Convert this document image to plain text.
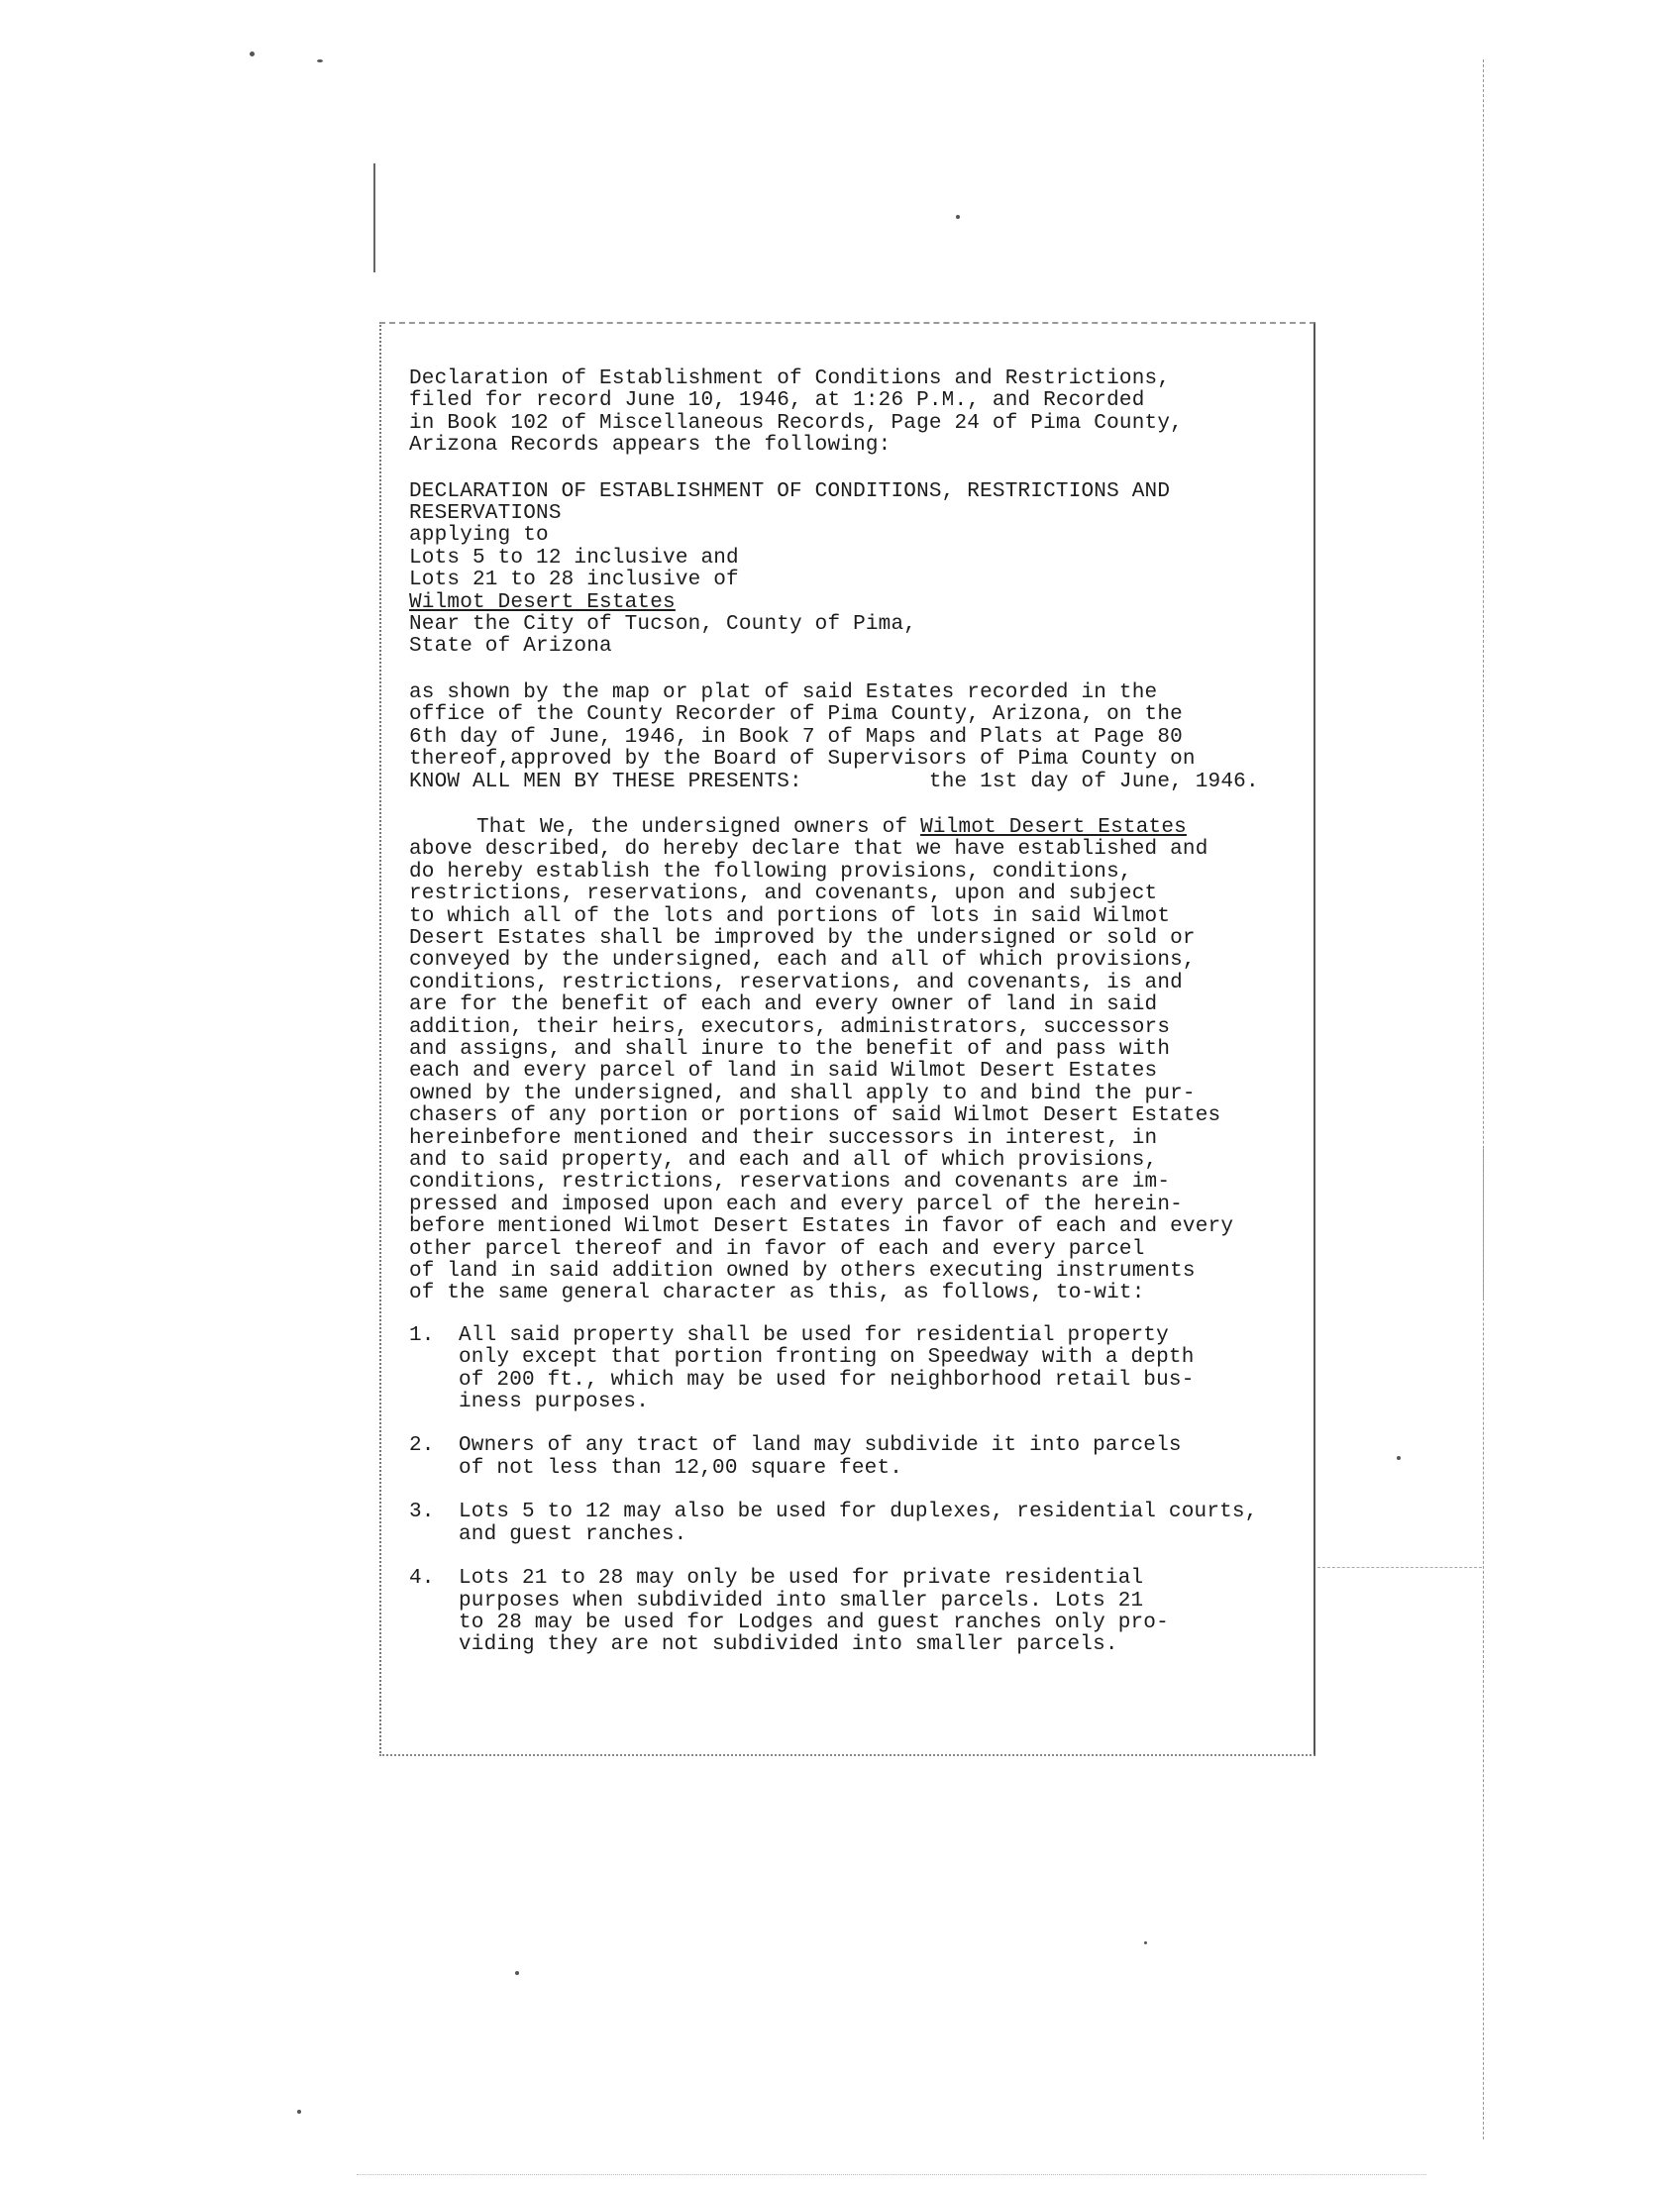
Declaration of Establishment of Conditions and Restrictions,
filed for record June 10, 1946, at 1:26 P.M., and Recorded
in Book 102 of Miscellaneous Records, Page 24 of Pima County,
Arizona Records appears the following:
DECLARATION OF ESTABLISHMENT OF CONDITIONS, RESTRICTIONS AND
RESERVATIONS
applying to
Lots 5 to 12 inclusive and
Lots 21 to 28 inclusive of
Wilmot Desert Estates
Near the City of Tucson, County of Pima,
State of Arizona
as shown by the map or plat of said Estates recorded in the
office of the County Recorder of Pima County, Arizona, on the
6th day of June, 1946, in Book 7 of Maps and Plats at Page 80
thereof,approved by the Board of Supervisors of Pima County on
KNOW ALL MEN BY THESE PRESENTS:	the 1st day of June, 1946.
That We, the undersigned owners of Wilmot Desert Estates
above described, do hereby declare that we have established and
do hereby establish the following provisions, conditions,
restrictions, reservations, and covenants, upon and subject
to which all of the lots and portions of lots in said Wilmot
Desert Estates shall be improved by the undersigned or sold or
conveyed by the undersigned, each and all of which provisions,
conditions, restrictions, reservations, and covenants, is and
are for the benefit of each and every owner of land in said
addition, their heirs, executors, administrators, successors
and assigns, and shall inure to the benefit of and pass with
each and every parcel of land in said Wilmot Desert Estates
owned by the undersigned, and shall apply to and bind the pur-
chasers of any portion or portions of said Wilmot Desert Estates
hereinbefore mentioned and their successors in interest, in
and to said property, and each and all of which provisions,
conditions, restrictions, reservations and covenants are im-
pressed and imposed upon each and every parcel of the herein-
before mentioned Wilmot Desert Estates in favor of each and every
other parcel thereof and in favor of each and every parcel
of land in said addition owned by others executing instruments
of the same general character as this, as follows, to-wit:
1.	All said property shall be used for residential property
only except that portion fronting on Speedway with a depth
of 200 ft., which may be used for neighborhood retail bus-
iness purposes.
2.	Owners of any tract of land may subdivide it into parcels
of not less than 12,00 square feet.
3.	Lots 5 to 12 may also be used for duplexes, residential courts,
and guest ranches.
4.	Lots 21 to 28 may only be used for private residential
purposes when subdivided into smaller parcels. Lots 21
to 28 may be used for Lodges and guest ranches only pro-
viding they are not subdivided into smaller parcels.
